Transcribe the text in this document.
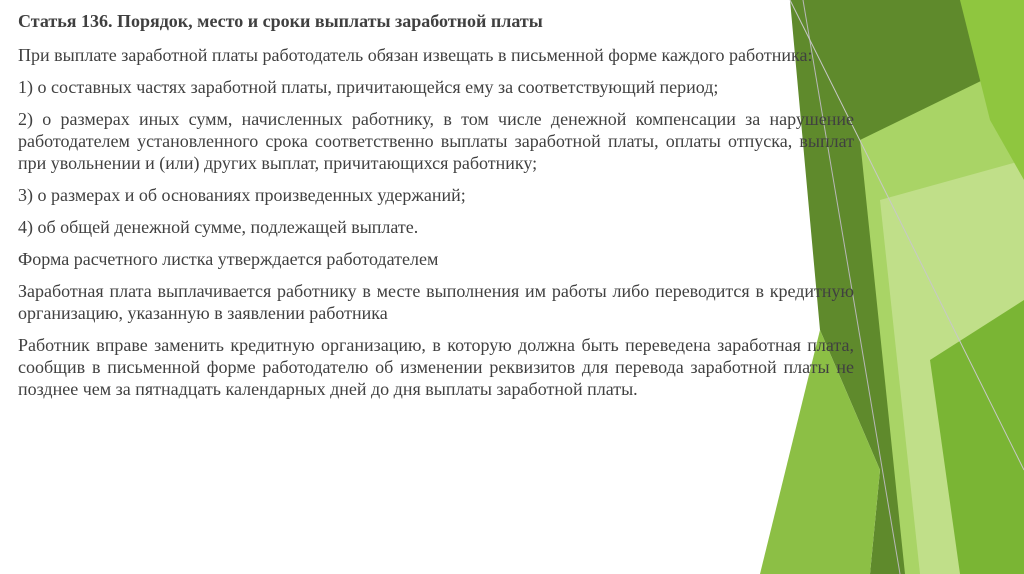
Статья 136. Порядок, место и сроки выплаты заработной платы

При выплате заработной платы работодатель обязан извещать в письменной форме каждого работника:

1) о составных частях заработной платы, причитающейся ему за соответствующий период;

2) о размерах иных сумм, начисленных работнику, в том числе денежной компенсации за нарушение работодателем установленного срока соответственно выплаты заработной платы, оплаты отпуска, выплат при увольнении и (или) других выплат, причитающихся работнику;

3) о размерах и об основаниях произведенных удержаний;

4) об общей денежной сумме, подлежащей выплате.

Форма расчетного листка утверждается работодателем

Заработная плата выплачивается работнику в месте выполнения им работы либо переводится в кредитную организацию, указанную в заявлении работника

Работник вправе заменить кредитную организацию, в которую должна быть переведена заработная плата, сообщив в письменной форме работодателю об изменении реквизитов для перевода заработной платы не позднее чем за пятнадцать календарных дней до дня выплаты заработной платы.
